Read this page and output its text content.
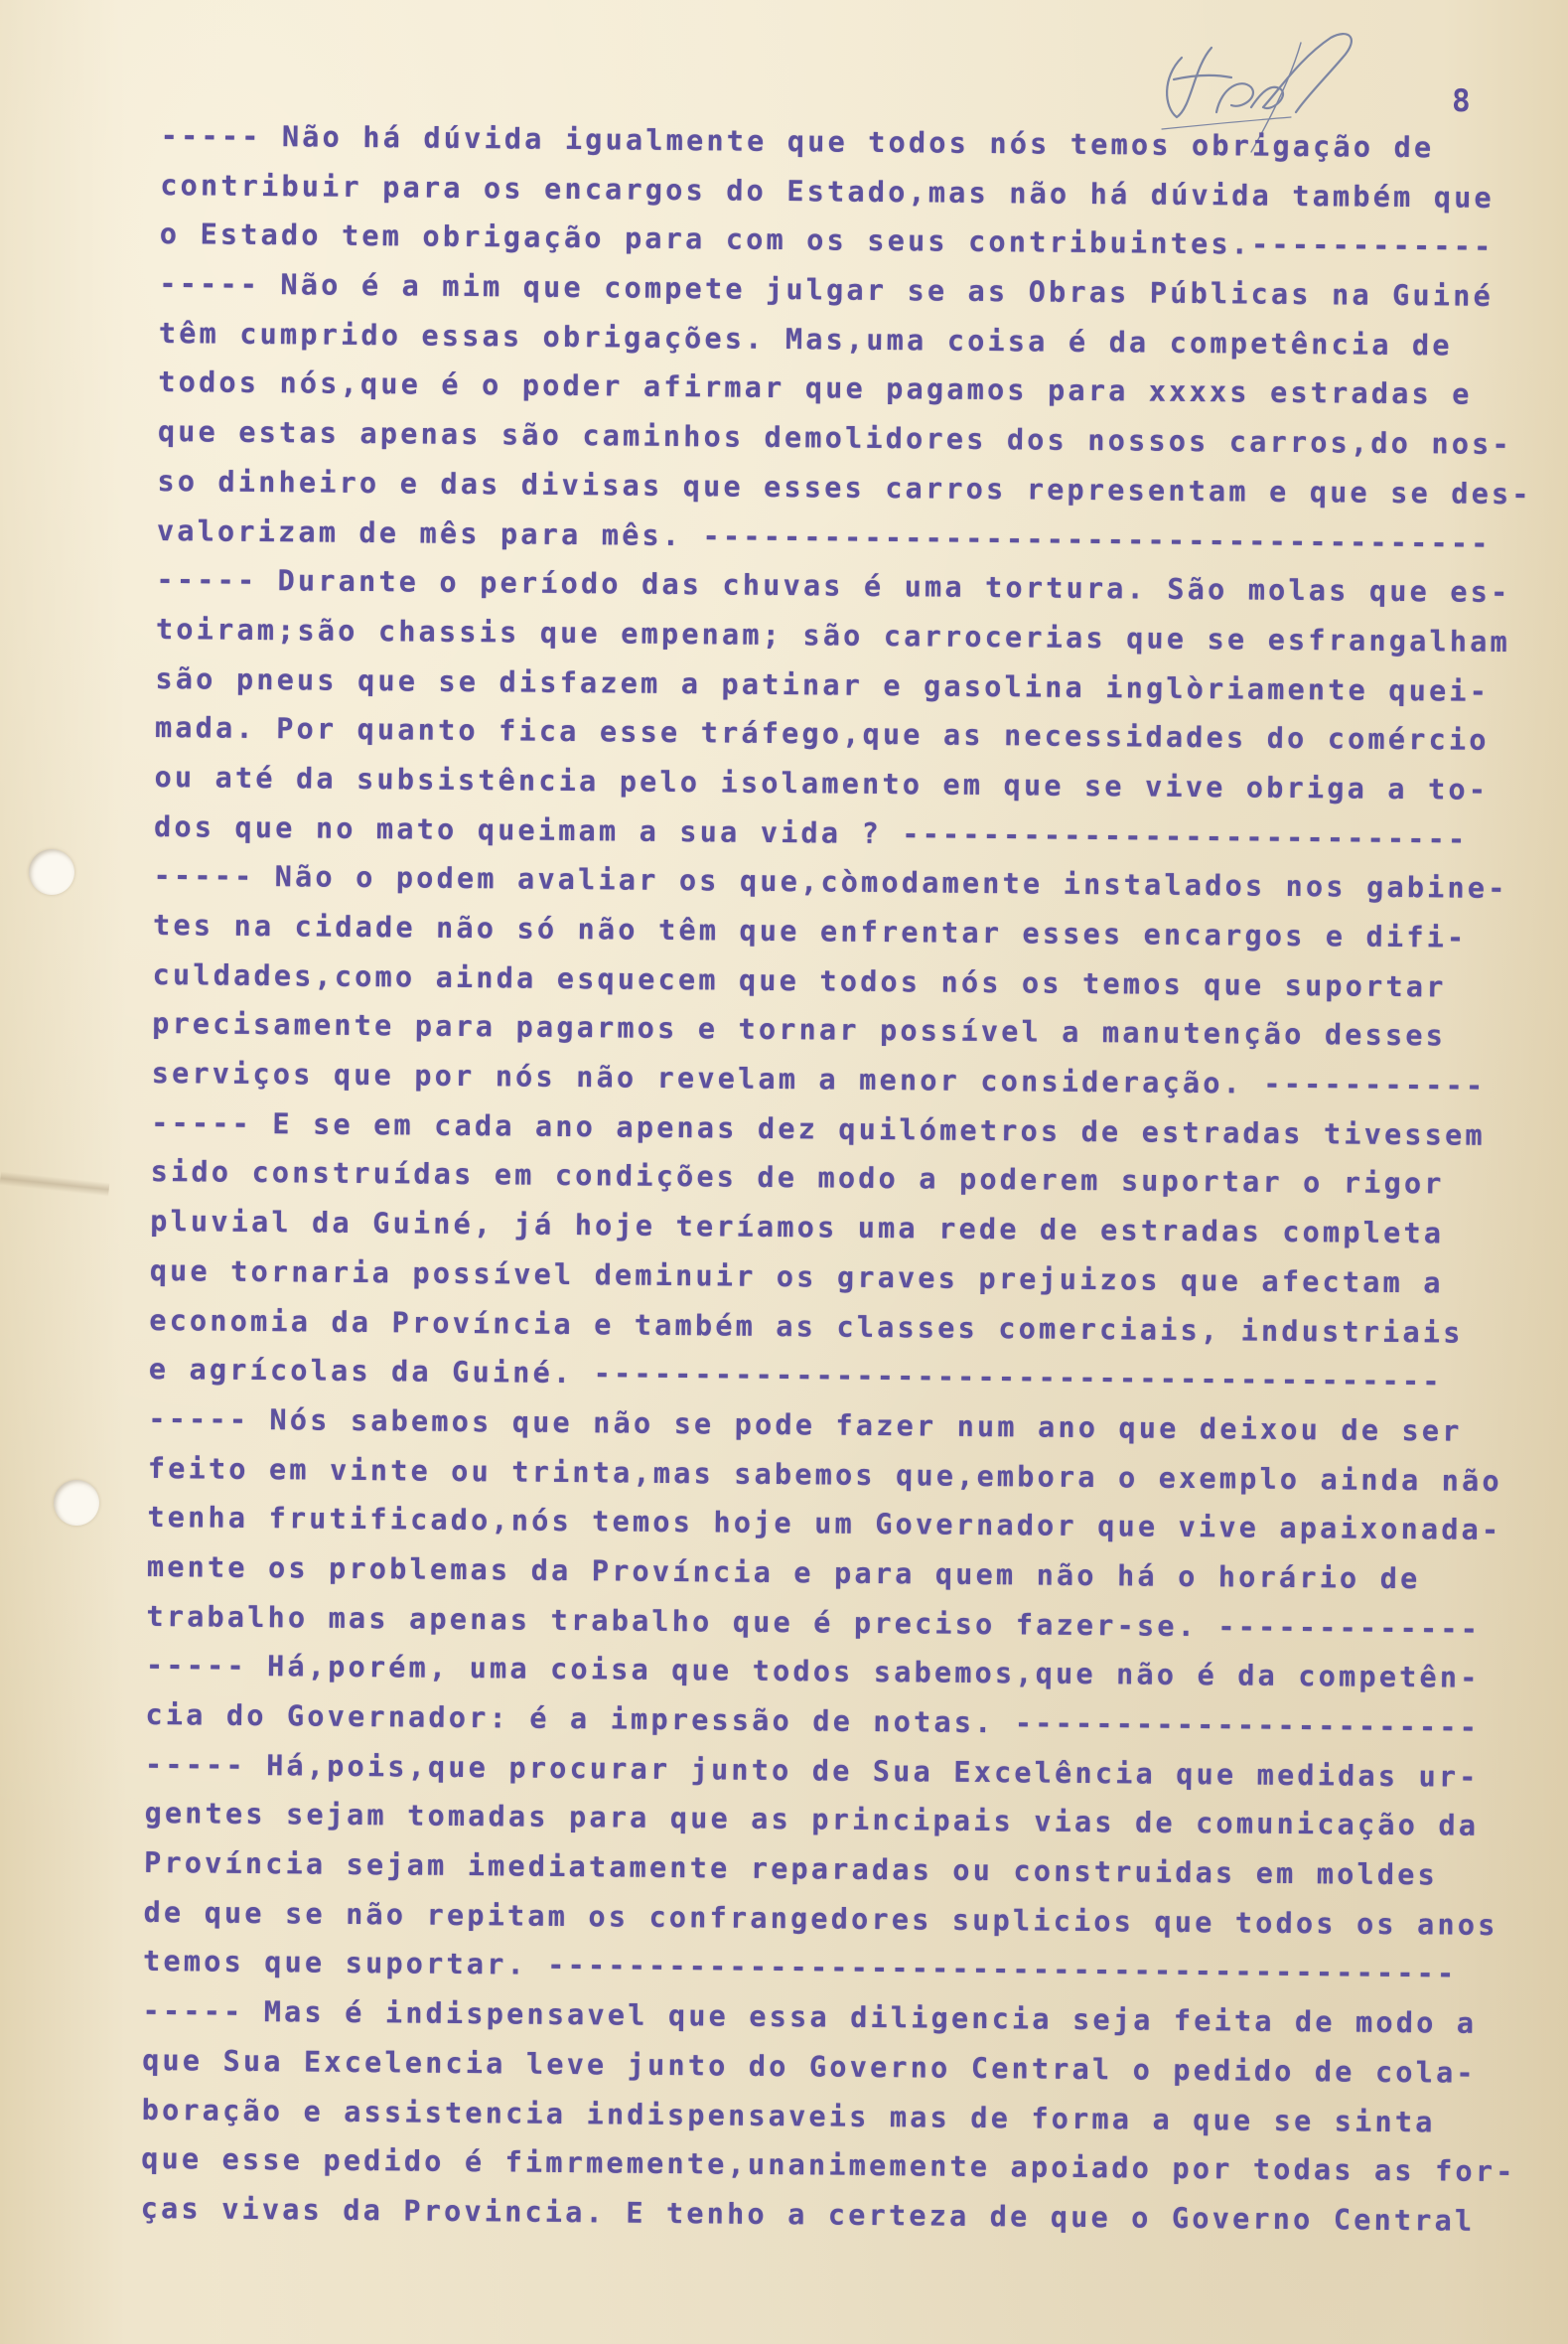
8
----- Não há dúvida igualmente que todos nós temos obrigação de
contribuir para os encargos do Estado,mas não há dúvida também que
o Estado tem obrigação para com os seus contribuintes.------------
----- Não é a mim que compete julgar se as Obras Públicas na Guiné
têm cumprido essas obrigações. Mas,uma coisa é da competência de
todos nós,que é o poder afirmar que pagamos para xxxxs estradas e
que estas apenas são caminhos demolidores dos nossos carros,do nos-
so dinheiro e das divisas que esses carros representam e que se des-
valorizam de mês para mês. ---------------------------------------
----- Durante o período das chuvas é uma tortura. São molas que es-
toiram;são chassis que empenam; são carrocerias que se esfrangalham
são pneus que se disfazem a patinar e gasolina inglòriamente quei-
mada. Por quanto fica esse tráfego,que as necessidades do comércio
ou até da subsistência pelo isolamento em que se vive obriga a to-
dos que no mato queimam a sua vida ? ----------------------------
----- Não o podem avaliar os que,còmodamente instalados nos gabine-
tes na cidade não só não têm que enfrentar esses encargos e difi-
culdades,como ainda esquecem que todos nós os temos que suportar
precisamente para pagarmos e tornar possível a manutenção desses
serviços que por nós não revelam a menor consideração. -----------
----- E se em cada ano apenas dez quilómetros de estradas tivessem
sido construídas em condições de modo a poderem suportar o rigor
pluvial da Guiné, já hoje teríamos uma rede de estradas completa
que tornaria possível deminuir os graves prejuizos que afectam a
economia da Província e também as classes comerciais, industriais
e agrícolas da Guiné. ------------------------------------------
----- Nós sabemos que não se pode fazer num ano que deixou de ser
feito em vinte ou trinta,mas sabemos que,embora o exemplo ainda não
tenha frutificado,nós temos hoje um Governador que vive apaixonada-
mente os problemas da Província e para quem não há o horário de
trabalho mas apenas trabalho que é preciso fazer-se. -------------
----- Há,porém, uma coisa que todos sabemos,que não é da competên-
cia do Governador: é a impressão de notas. -----------------------
----- Há,pois,que procurar junto de Sua Excelência que medidas ur-
gentes sejam tomadas para que as principais vias de comunicação da
Província sejam imediatamente reparadas ou construidas em moldes
de que se não repitam os confrangedores suplicios que todos os anos
temos que suportar. ---------------------------------------------
----- Mas é indispensavel que essa diligencia seja feita de modo a
que Sua Excelencia leve junto do Governo Central o pedido de cola-
boração e assistencia indispensaveis mas de forma a que se sinta
que esse pedido é fimrmemente,unanimemente apoiado por todas as for-
ças vivas da Provincia. E tenho a certeza de que o Governo Central
